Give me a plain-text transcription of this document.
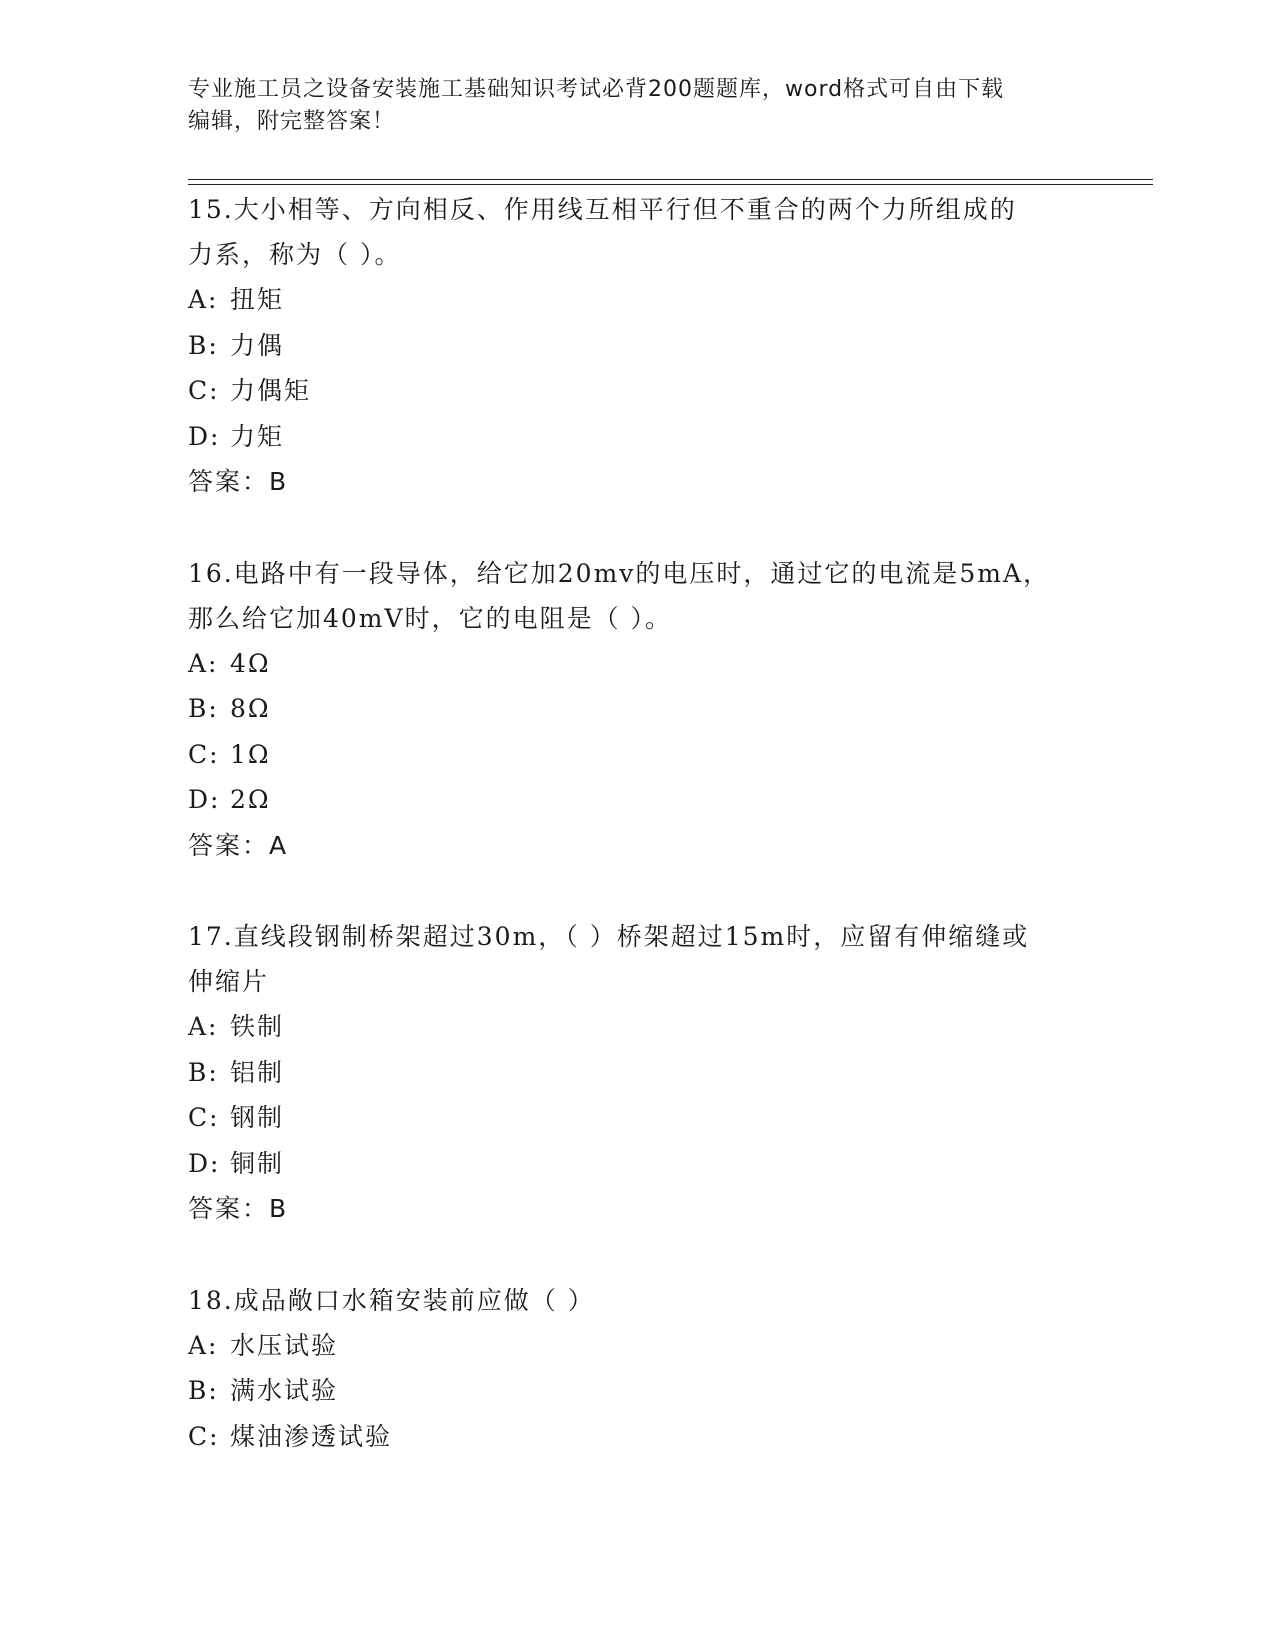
专业施工员之设备安装施工基础知识考试必背200题题库，word格式可自由下载
编辑，附完整答案！
15.大小相等、方向相反、作用线互相平行但不重合的两个力所组成的
力系，称为（ ）。
A: 扭矩
B: 力偶
C: 力偶矩
D: 力矩
答案：B
16.电路中有一段导体，给它加20mv的电压时，通过它的电流是5mA，
那么给它加40mV时，它的电阻是（ ）。
A: 4Ω
B: 8Ω
C: 1Ω
D: 2Ω
答案：A
17.直线段钢制桥架超过30m，（ ）桥架超过15m时，应留有伸缩缝或
伸缩片
A: 铁制
B: 铝制
C: 钢制
D: 铜制
答案：B
18.成品敞口水箱安装前应做（ ）
A: 水压试验
B: 满水试验
C: 煤油渗透试验
